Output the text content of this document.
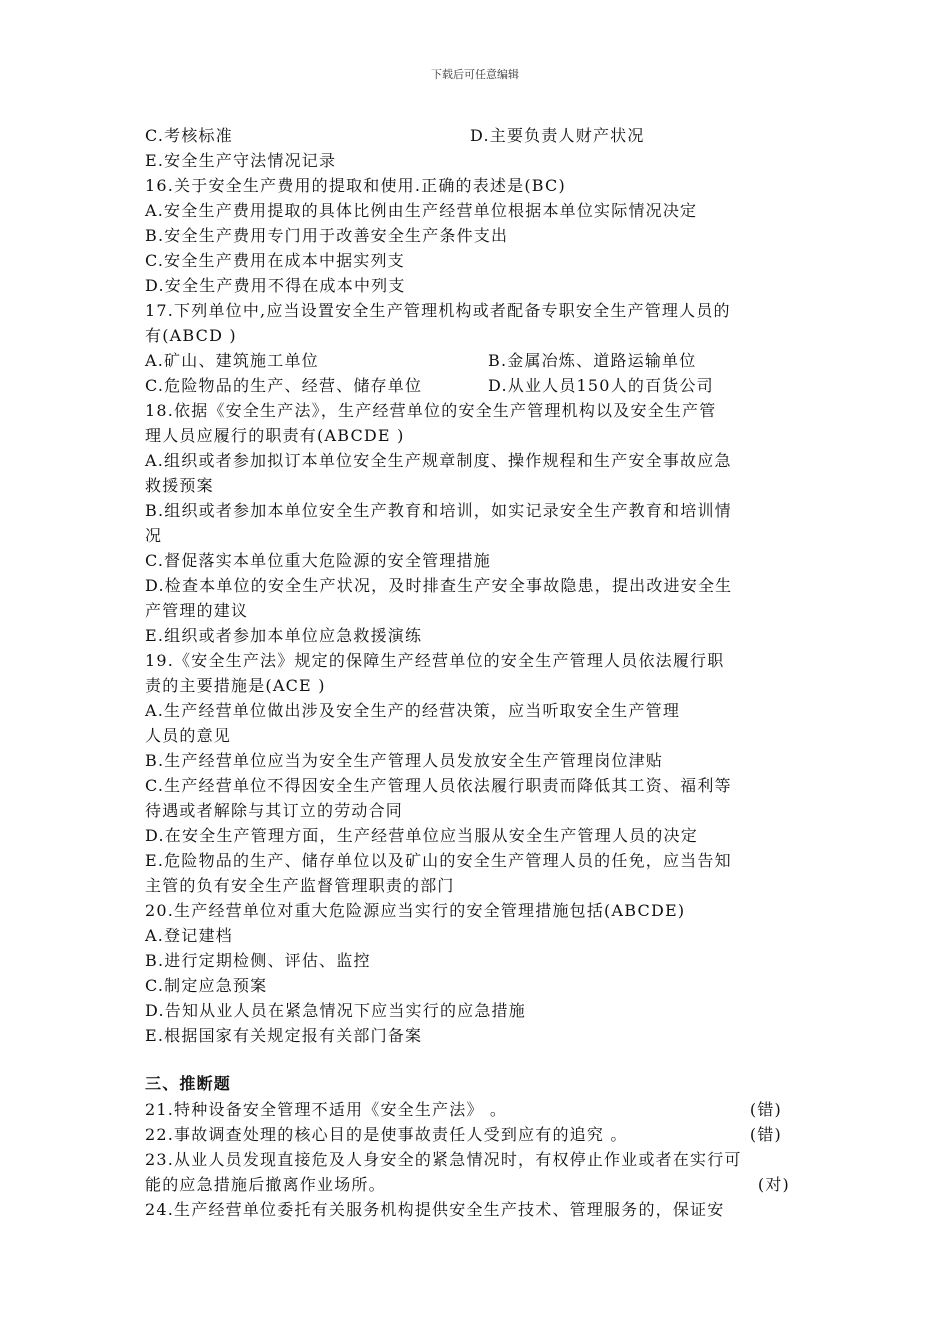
下载后可任意编辑
C.考核标准	D.主要负责人财产状况
E.安全生产守法情况记录
16.关于安全生产费用的提取和使用.正确的表述是(BC)
A.安全生产费用提取的具体比例由生产经营单位根据本单位实际情况决定
B.安全生产费用专门用于改善安全生产条件支出
C.安全生产费用在成本中据实列支
D.安全生产费用不得在成本中列支
17.下列单位中,应当设置安全生产管理机构或者配备专职安全生产管理人员的
有(ABCD )
A.矿山、建筑施工单位	B.金属冶炼、道路运输单位
C.危险物品的生产、经营、储存单位	D.从业人员150人的百货公司
18.依据《安全生产法》，生产经营单位的安全生产管理机构以及安全生产管
理人员应履行的职责有(ABCDE )
A.组织或者参加拟订本单位安全生产规章制度、操作规程和生产安全事故应急
救援预案
B.组织或者参加本单位安全生产教育和培训，如实记录安全生产教育和培训情
况
C.督促落实本单位重大危险源的安全管理措施
D.检查本单位的安全生产状况，及时排查生产安全事故隐患，提出改进安全生
产管理的建议
E.组织或者参加本单位应急救援演练
19.《安全生产法》规定的保障生产经营单位的安全生产管理人员依法履行职
责的主要措施是(ACE )
A.生产经营单位做出涉及安全生产的经营决策，应当听取安全生产管理
人员的意见
B.生产经营单位应当为安全生产管理人员发放安全生产管理岗位津贴
C.生产经营单位不得因安全生产管理人员依法履行职责而降低其工资、福利等
待遇或者解除与其订立的劳动合同
D.在安全生产管理方面，生产经营单位应当服从安全生产管理人员的决定
E.危险物品的生产、储存单位以及矿山的安全生产管理人员的任免，应当告知
主管的负有安全生产监督管理职责的部门
20.生产经营单位对重大危险源应当实行的安全管理措施包括(ABCDE)
A.登记建档
B.进行定期检侧、评估、监控
C.制定应急预案
D.告知从业人员在紧急情况下应当实行的应急措施
E.根据国家有关规定报有关部门备案
三、推断题
21.特种设备安全管理不适用《安全生产法》 。	(错)
22.事故调查处理的核心目的是使事故责任人受到应有的追究 。	(错)
23.从业人员发现直接危及人身安全的紧急情况时，有权停止作业或者在实行可
能的应急措施后撤离作业场所。	(对)
24.生产经营单位委托有关服务机构提供安全生产技术、管理服务的，保证安
